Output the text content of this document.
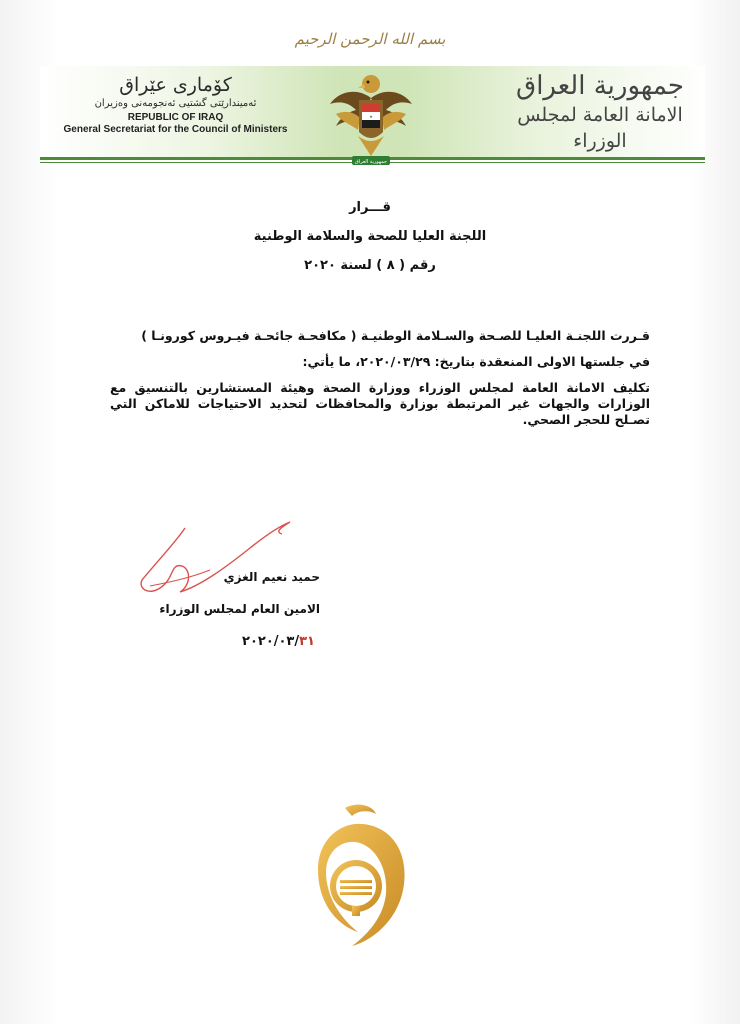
بسم الله الرحمن الرحيم
كۆمارى عێراق
ئه‌ميندارێتى گشتيى ئه‌نجومه‌نى وه‌زيران
REPUBLIC OF IRAQ
General Secretariat for the Council of Ministers
★
جمهورية العراق
جمهورية العراق
الامانة العامة لمجلس الوزراء
قـــرار
اللجنة العليا للصحة والسلامة الوطنية
رقم ( ٨ ) لسنة ٢٠٢٠
قـررت اللجنـة العليـا للصـحة والسـلامة الوطنيـة ( مكافحـة جائحـة فيـروس كورونـا )
في جلستها الاولى المنعقدة بتاريخ: ٢٠٢٠/٠٣/٢٩، ما يأتي:
تكليف الامانة العامة لمجلس الوزراء ووزارة الصحة وهيئة المستشارين بالتنسيق مع الوزارات والجهات غير المرتبطة بوزارة والمحافظات لتحديد الاحتياجات للاماكن التي تصـلح للحجر الصحي.
حميد نعيم الغزي
الامين العام لمجلس الوزراء
٢٠٢٠/٠٣/٣١
